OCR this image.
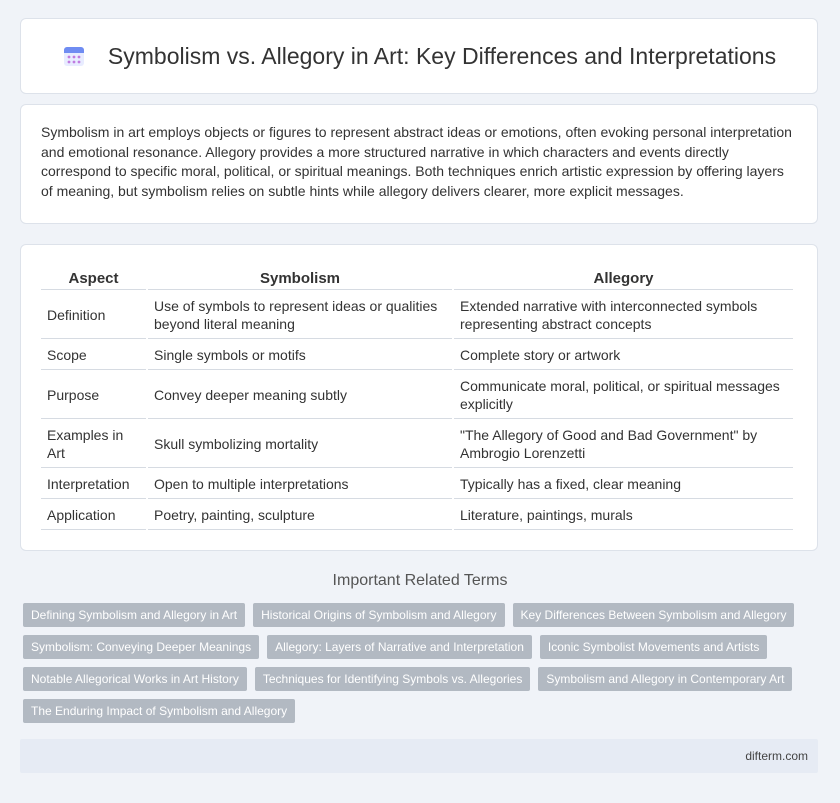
Symbolism vs. Allegory in Art: Key Differences and Interpretations

Symbolism in art employs objects or figures to represent abstract ideas or emotions, often evoking personal interpretation and emotional resonance. Allegory provides a more structured narrative in which characters and events directly correspond to specific moral, political, or spiritual meanings. Both techniques enrich artistic expression by offering layers of meaning, but symbolism relies on subtle hints while allegory delivers clearer, more explicit messages.

Aspect	Symbolism	Allegory
Definition	Use of symbols to represent ideas or qualities beyond literal meaning	Extended narrative with interconnected symbols representing abstract concepts
Scope	Single symbols or motifs	Complete story or artwork
Purpose	Convey deeper meaning subtly	Communicate moral, political, or spiritual messages explicitly
Examples in Art	Skull symbolizing mortality	"The Allegory of Good and Bad Government" by Ambrogio Lorenzetti
Interpretation	Open to multiple interpretations	Typically has a fixed, clear meaning
Application	Poetry, painting, sculpture	Literature, paintings, murals
Important Related Terms
Defining Symbolism and Allegory in Art	Historical Origins of Symbolism and Allegory	Key Differences Between Symbolism and Allegory
Symbolism: Conveying Deeper Meanings	Allegory: Layers of Narrative and Interpretation	Iconic Symbolist Movements and Artists
Notable Allegorical Works in Art History	Techniques for Identifying Symbols vs. Allegories	Symbolism and Allegory in Contemporary Art
The Enduring Impact of Symbolism and Allegory
difterm.com
